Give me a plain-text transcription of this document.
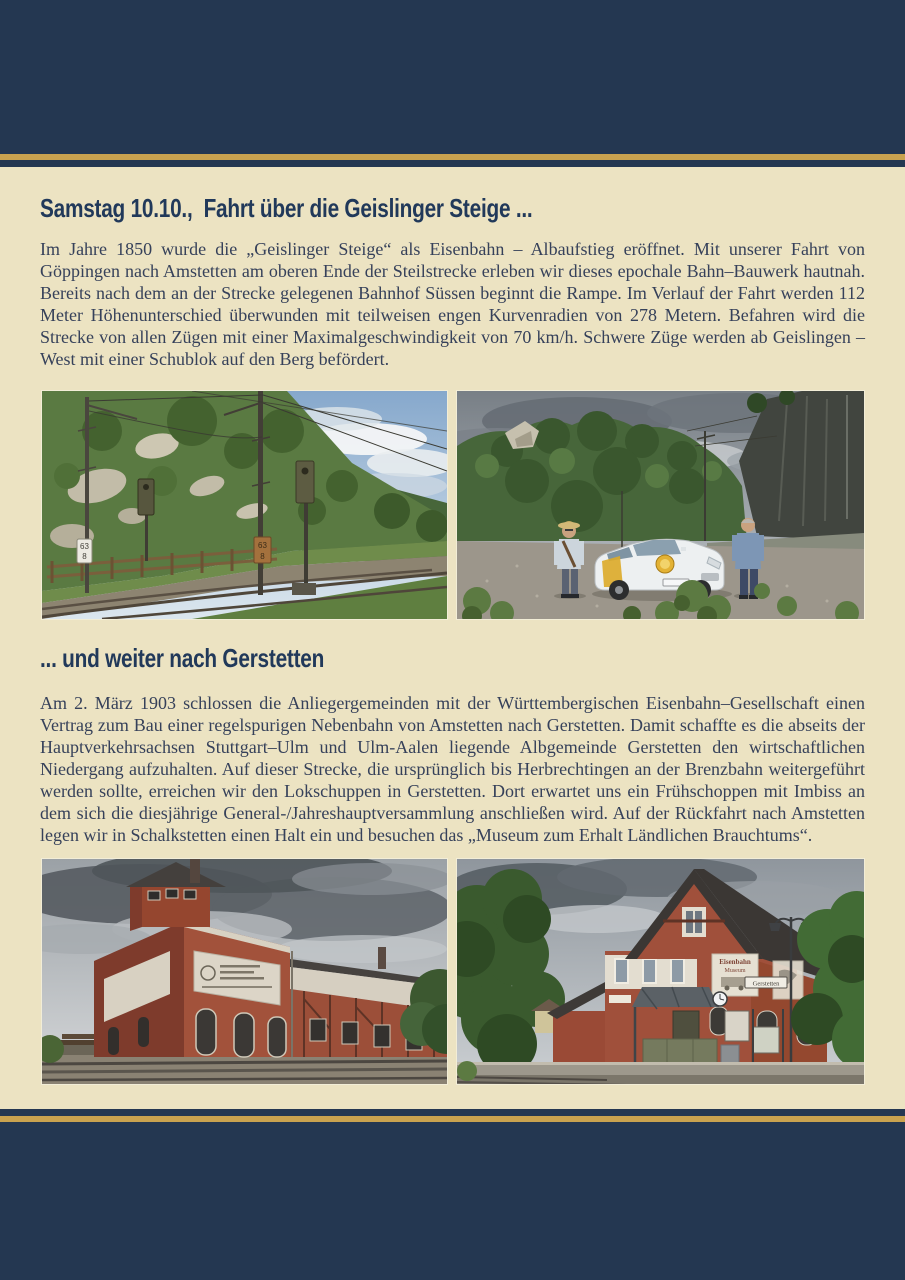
Samstag 10.10.,  Fahrt über die Geislinger Steige ...

Im Jahre 1850 wurde die „Geislinger Steige“ als Eisenbahn – Albaufstieg eröffnet. Mit unserer Fahrt von Göppingen nach Amstetten am oberen Ende der Steilstrecke erleben wir dieses epochale Bahn–Bauwerk hautnah. Bereits nach dem an der Strecke gelegenen Bahnhof Süssen beginnt die Rampe. Im Verlauf der Fahrt werden 112 Meter Höhenunterschied überwunden mit teilweisen engen Kurvenradien von 278 Metern. Befahren wird die Strecke von allen Zügen mit einer Maximalgeschwindigkeit von 70 km/h. Schwere Züge werden ab Geislingen – West mit einer Schublok auf den Berg befördert.

63
8
63
8
... und weiter nach Gerstetten

Am 2. März 1903 schlossen die Anliegergemeinden mit der Württembergischen Eisenbahn–Gesellschaft einen Vertrag zum Bau einer regelspurigen Nebenbahn von Amstetten nach Gerstetten. Damit schaffte es die abseits der Hauptverkehrsachsen Stuttgart–Ulm und Ulm-Aalen liegende Albgemeinde Gerstetten den wirtschaftlichen Niedergang aufzuhalten. Auf dieser Strecke, die ursprünglich bis Herbrechtingen an der Brenzbahn weitergeführt werden sollte, erreichen wir den Lokschuppen in Gerstetten. Dort erwartet uns ein Frühschoppen mit Imbiss an dem sich die diesjährige General-/Jahreshauptversammlung anschließen wird. Auf der Rückfahrt nach Amstetten legen wir in Schalkstetten einen Halt ein und besuchen das „Museum zum Erhalt Ländlichen Brauchtums“.

Eisenbahn
Museum
Gerstetten
